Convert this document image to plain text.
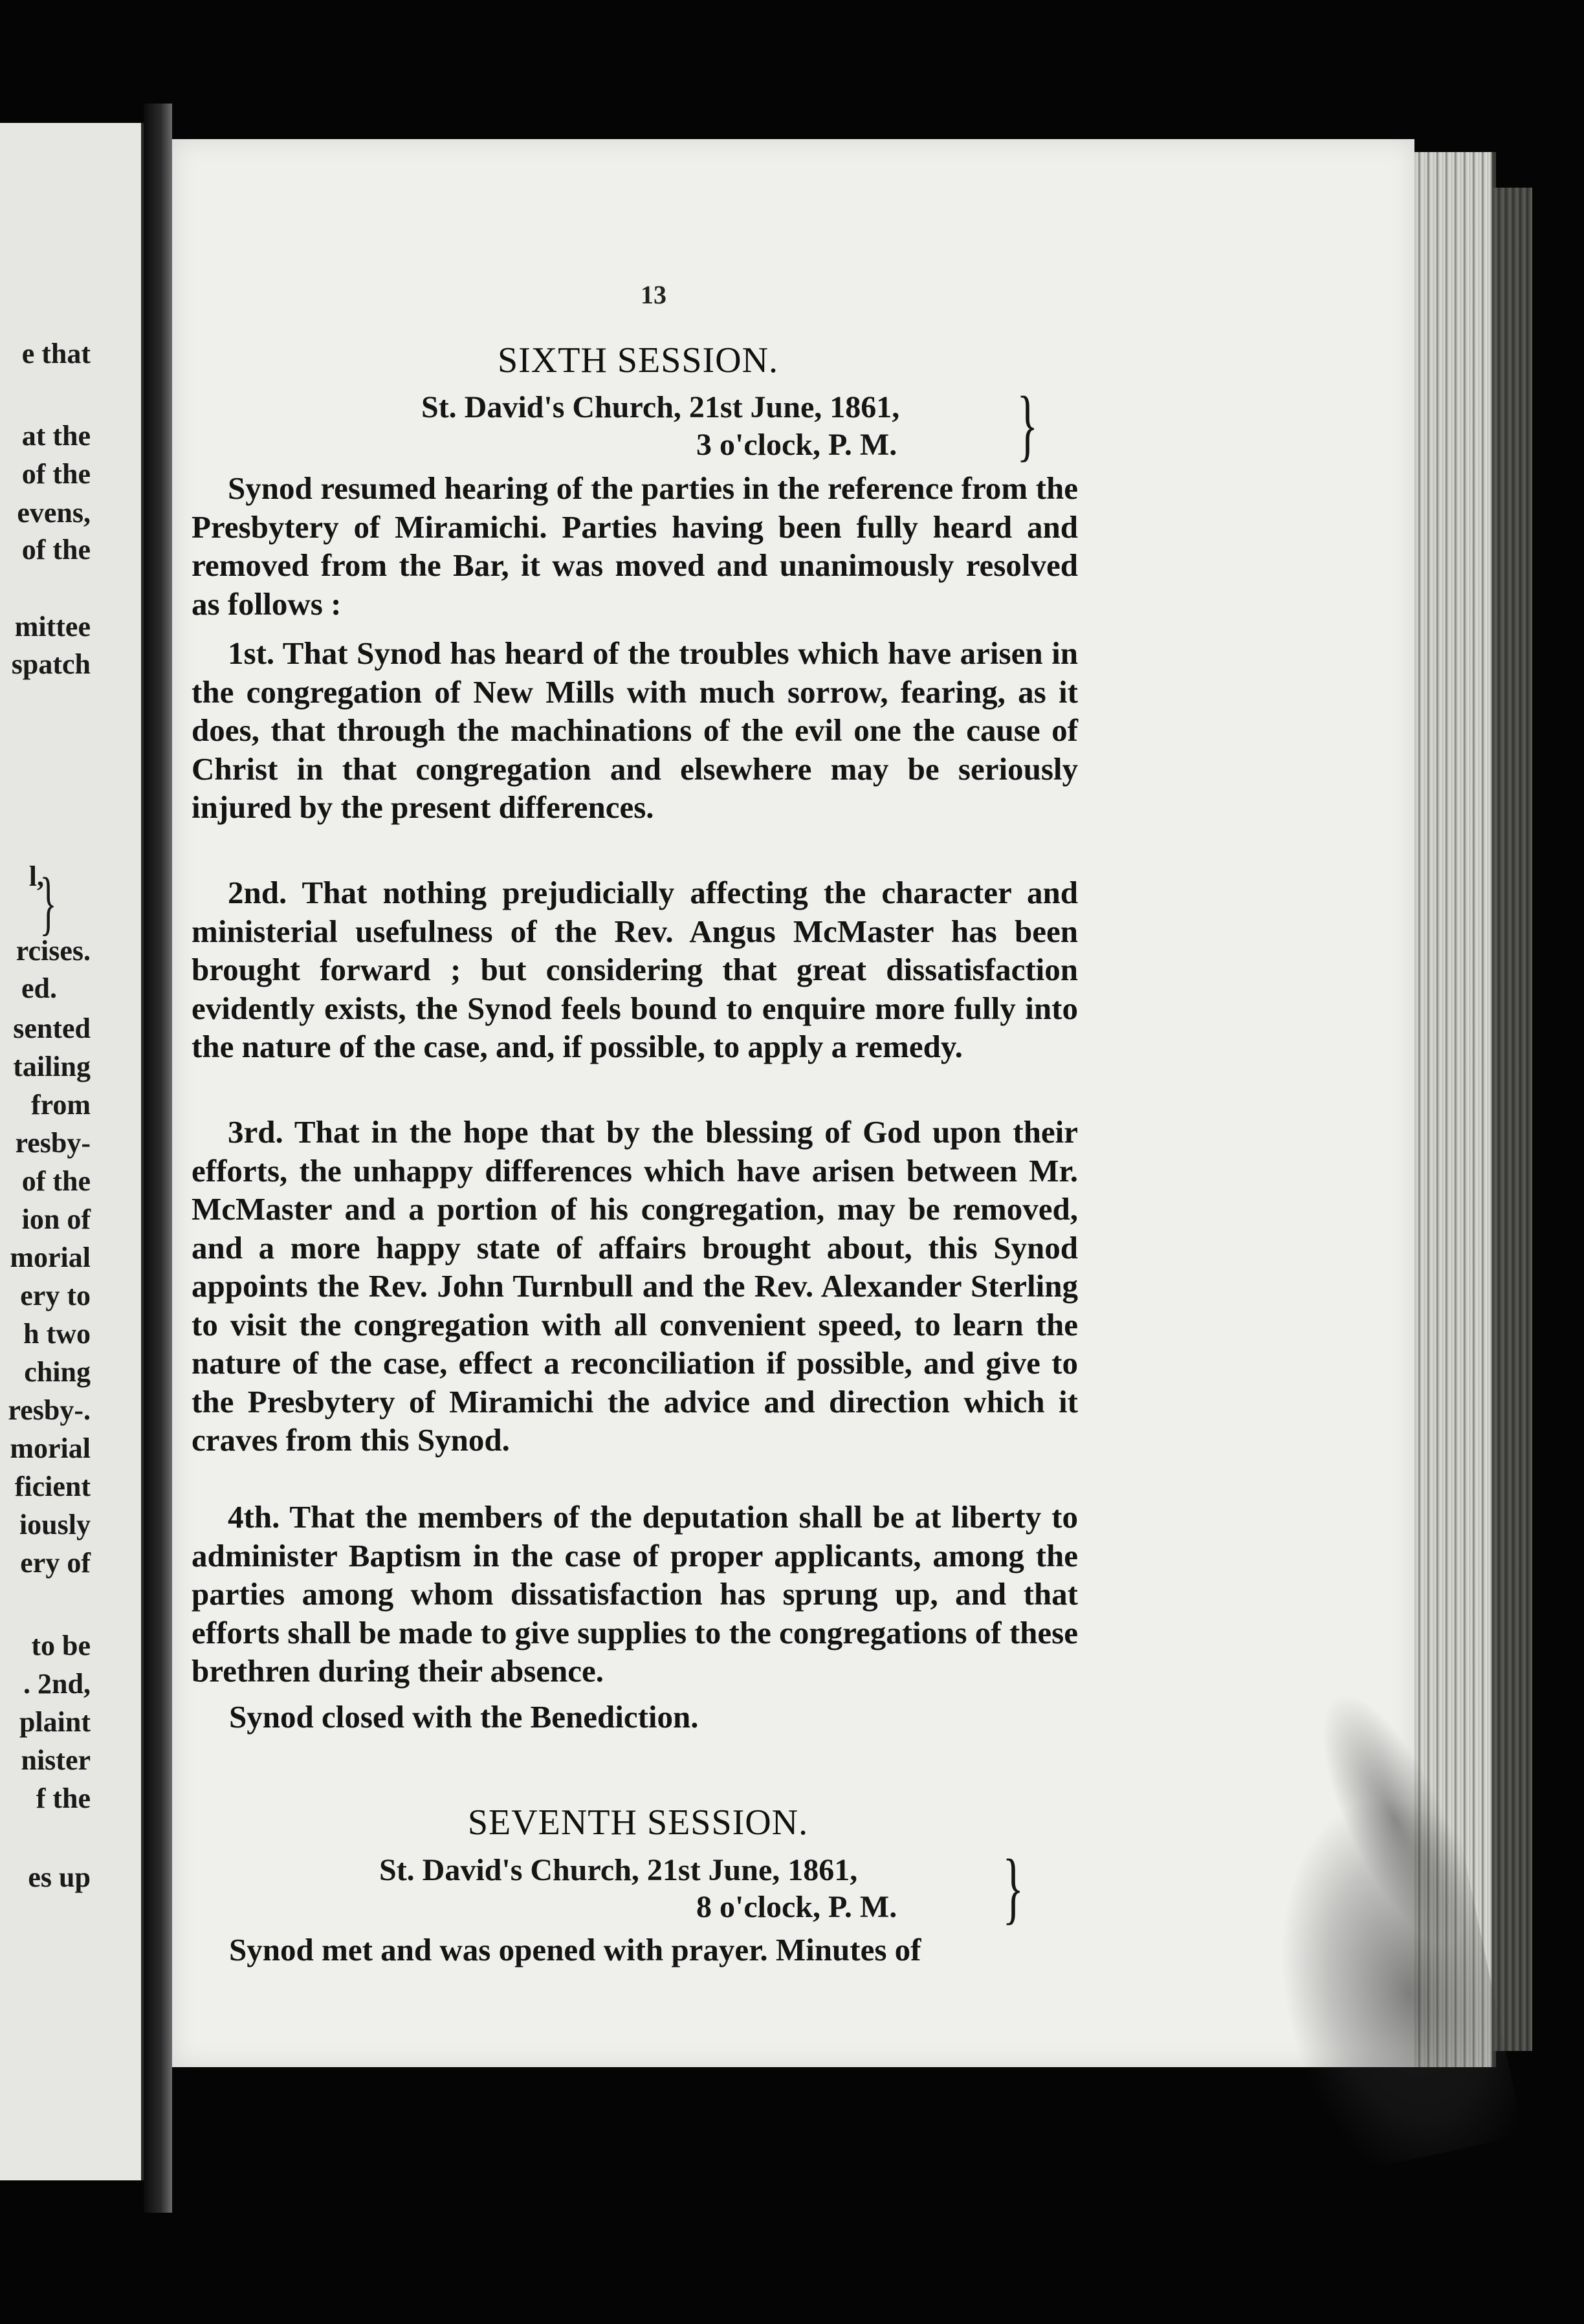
e that
at the
of the
evens,
of the
mittee
spatch
l,
rcises.
ed.
sented
tailing
from
resby-
of the
ion of
morial
ery to
h two
ching
resby-.
morial
ficient
iously
ery of
to be
. 2nd,
plaint
nister
f the
es up
}
13
SIXTH SESSION.
St. David's Church, 21st June, 1861,
3 o'clock, P. M. }

Synod resumed hearing of the parties in the reference from the Presbytery of Miramichi. Parties having been fully heard and removed from the Bar, it was moved and unanimously resolved as follows :

1st. That Synod has heard of the troubles which have arisen in the congregation of New Mills with much sorrow, fearing, as it does, that through the machinations of the evil one the cause of Christ in that congregation and elsewhere may be seriously injured by the present differences.

2nd. That nothing prejudicially affecting the character and ministerial usefulness of the Rev. Angus McMaster has been brought forward ; but considering that great dissatisfaction evidently exists, the Synod feels bound to enquire more fully into the nature of the case, and, if possible, to apply a remedy.

3rd. That in the hope that by the blessing of God upon their efforts, the unhappy differences which have arisen between Mr. McMaster and a portion of his congregation, may be removed, and a more happy state of affairs brought about, this Synod appoints the Rev. John Turnbull and the Rev. Alexander Sterling to visit the congregation with all convenient speed, to learn the nature of the case, effect a reconciliation if possible, and give to the Presbytery of Miramichi the advice and direction which it craves from this Synod.

4th. That the members of the deputation shall be at liberty to administer Baptism in the case of proper applicants, among the parties among whom dissatisfaction has sprung up, and that efforts shall be made to give supplies to the congregations of these brethren during their absence.

Synod closed with the Benediction.
SEVENTH SESSION.
St. David's Church, 21st June, 1861,
8 o'clock, P. M. }
Synod met and was opened with prayer. Minutes of
